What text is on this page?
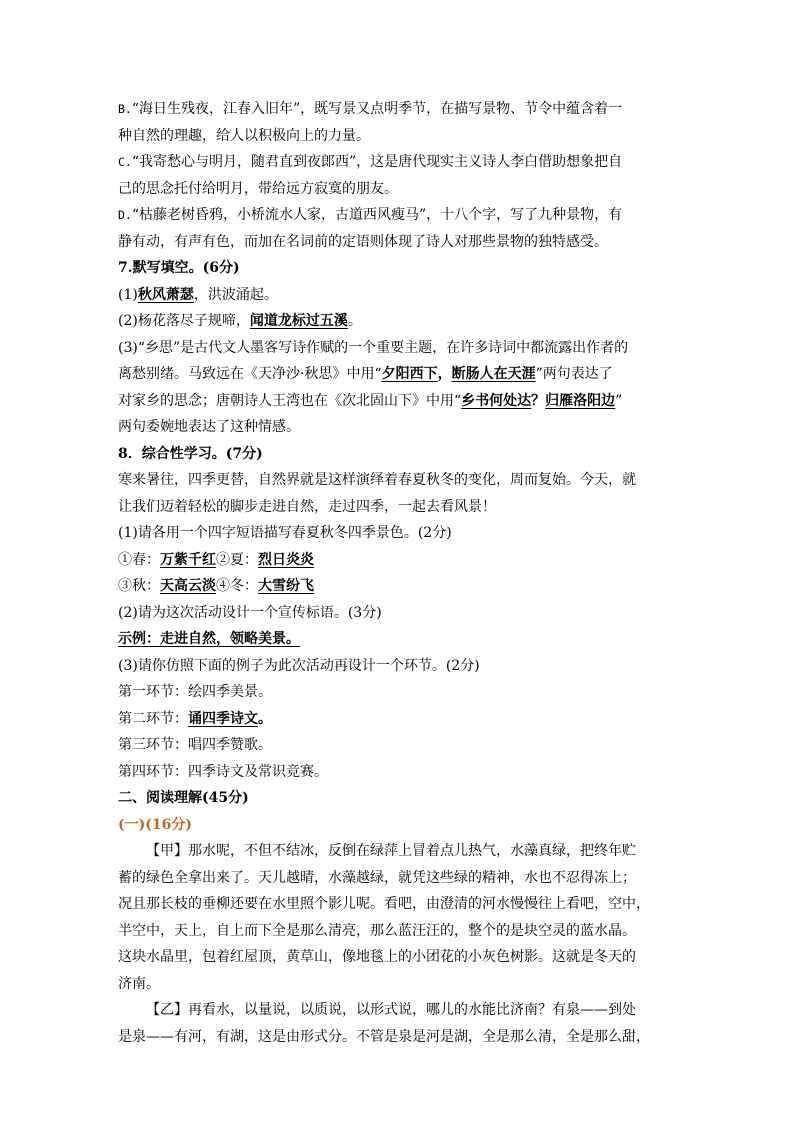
B.“海日生残夜，江春入旧年”，既写景又点明季节，在描写景物、节令中蕴含着一

种自然的理趣，给人以积极向上的力量。

C.“我寄愁心与明月，随君直到夜郎西”，这是唐代现实主义诗人李白借助想象把自

己的思念托付给明月，带给远方寂寞的朋友。

D.“枯藤老树昏鸦，小桥流水人家，古道西风瘦马”，十八个字，写了九种景物，有

静有动，有声有色，而加在名词前的定语则体现了诗人对那些景物的独特感受。

7.默写填空。(6分)

(1)秋风萧瑟，洪波涌起。

(2)杨花落尽子规啼，闻道龙标过五溪。

(3)“乡思”是古代文人墨客写诗作赋的一个重要主题，在许多诗词中都流露出作者的

离愁别绪。马致远在《天净沙·秋思》中用“夕阳西下，断肠人在天涯”两句表达了

对家乡的思念；唐朝诗人王湾也在《次北固山下》中用“乡书何处达？归雁洛阳边”

两句委婉地表达了这种情感。

8．综合性学习。(7分)

寒来暑往，四季更替，自然界就是这样演绎着春夏秋冬的变化，周而复始。今天，就

让我们迈着轻松的脚步走进自然，走过四季，一起去看风景！

(1)请各用一个四字短语描写春夏秋冬四季景色。(2分)

①春：万紫千红②夏：烈日炎炎

③秋：天高云淡④冬：大雪纷飞

(2)请为这次活动设计一个宣传标语。(3分)

示例：走进自然，领略美景。

(3)请你仿照下面的例子为此次活动再设计一个环节。(2分)

第一环节：绘四季美景。

第二环节：诵四季诗文。

第三环节：唱四季赞歌。

第四环节：四季诗文及常识竞赛。

二、阅读理解(45分)

(一)(16分)

【甲】那水呢，不但不结冰，反倒在绿萍上冒着点儿热气，水藻真绿，把终年贮

蓄的绿色全拿出来了。天儿越晴，水藻越绿，就凭这些绿的精神，水也不忍得冻上；

况且那长枝的垂柳还要在水里照个影儿呢。看吧，由澄清的河水慢慢往上看吧，空中，

半空中，天上，自上而下全是那么清亮，那么蓝汪汪的，整个的是块空灵的蓝水晶。

这块水晶里，包着红屋顶，黄草山，像地毯上的小团花的小灰色树影。这就是冬天的

济南。

【乙】再看水，以量说，以质说，以形式说，哪儿的水能比济南？有泉——到处

是泉——有河，有湖，这是由形式分。不管是泉是河是湖，全是那么清，全是那么甜，
